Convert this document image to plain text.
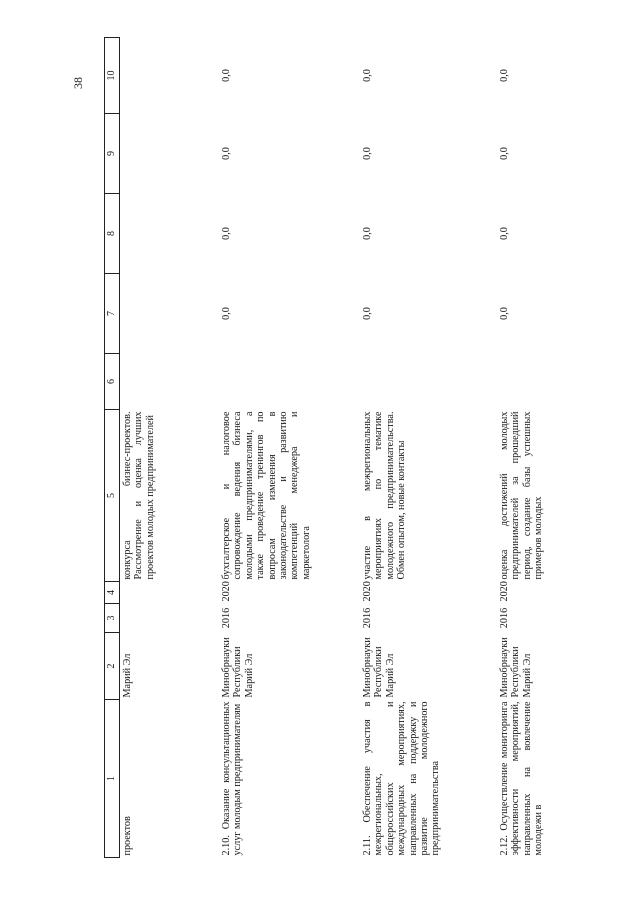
38
1	2	3	4	5	6	7	8	9	10
проектов	Марий Эл			конкурса бизнес-проектов. Рассмотрение и оценка лучших проектов молодых предпринимателей					
2.10. Оказание консультационных услуг молодым предпринимателям	Минобрнауки Республики Марий Эл	2016	2020	бухгалтерское и налоговое сопровождение ведения бизнеса молодыми предпринимателями, а также проведение тренингов по вопросам изменения в законодательстве и развитию компетенций менеджера и маркетолога		0,0	0,0	0,0	0,0
2.11. Обеспечение участия в межрегиональных, общероссийских и международных мероприятиях, направленных на поддержку и развитие молодежного предпринимательства	Минобрнауки Республики Марий Эл	2016	2020	участие в межрегиональных мероприятиях по тематике молодежного предпринимательства. Обмен опытом, новые контакты		0,0	0,0	0,0	0,0
2.12. Осуществление мониторинга эффективности мероприятий, направленных на вовлечение молодежи в	Минобрнауки Республики Марий Эл	2016	2020	оценка достижений молодых предпринимателей за прошедший период, создание базы успешных примеров молодых		0,0	0,0	0,0	0,0
